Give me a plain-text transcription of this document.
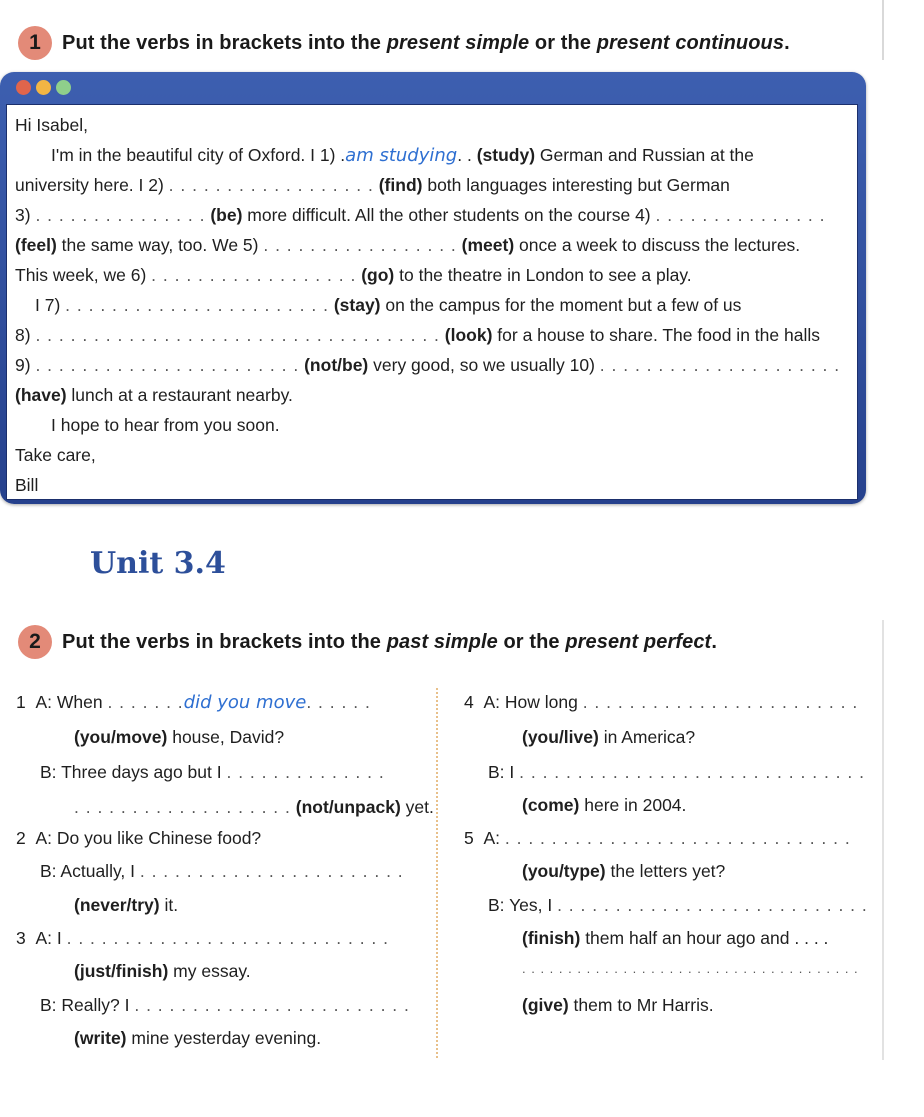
1	Put the verbs in brackets into the present simple or the present continuous.
Hi Isabel,
I'm in the beautiful city of Oxford. I 1) .am studying. . (study) German and Russian at the
university here. I 2) . . . . . . . . . . . . . . . . . . (find) both languages interesting but German
3) . . . . . . . . . . . . . . . (be) more difficult. All the other students on the course 4) . . . . . . . . . . . . . . .
(feel) the same way, too. We 5) . . . . . . . . . . . . . . . . . (meet) once a week to discuss the lectures.
This week, we 6) . . . . . . . . . . . . . . . . . . (go) to the theatre in London to see a play.
I 7) . . . . . . . . . . . . . . . . . . . . . . . (stay) on the campus for the moment but a few of us
8) . . . . . . . . . . . . . . . . . . . . . . . . . . . . . . . . . . . (look) for a house to share. The food in the halls
9) . . . . . . . . . . . . . . . . . . . . . . . (not/be) very good, so we usually 10) . . . . . . . . . . . . . . . . . . . . .
(have) lunch at a restaurant nearby.
I hope to hear from you soon.
Take care,
Bill
Unit 3.4
2	Put the verbs in brackets into the past simple or the present perfect.
1 A: When . . . . . . .did you move. . . . . .
(you/move) house, David?
B: Three days ago but I . . . . . . . . . . . . . .
. . . . . . . . . . . . . . . . . . . (not/unpack) yet.
2 A: Do you like Chinese food?
B: Actually, I . . . . . . . . . . . . . . . . . . . . . . .
(never/try) it.
3 A: I . . . . . . . . . . . . . . . . . . . . . . . . . . . .
(just/finish) my essay.
B: Really? I . . . . . . . . . . . . . . . . . . . . . . . .
(write) mine yesterday evening.
4 A: How long . . . . . . . . . . . . . . . . . . . . . . . .
(you/live) in America?
B: I . . . . . . . . . . . . . . . . . . . . . . . . . . . . . .
(come) here in 2004.
5 A: . . . . . . . . . . . . . . . . . . . . . . . . . . . . . .
(you/type) the letters yet?
B: Yes, I . . . . . . . . . . . . . . . . . . . . . . . . . . .
(finish) them half an hour ago and . . . .
. . . . . . . . . . . . . . . . . . . . . . . . . . . . . . . . . . . . .
(give) them to Mr Harris.
